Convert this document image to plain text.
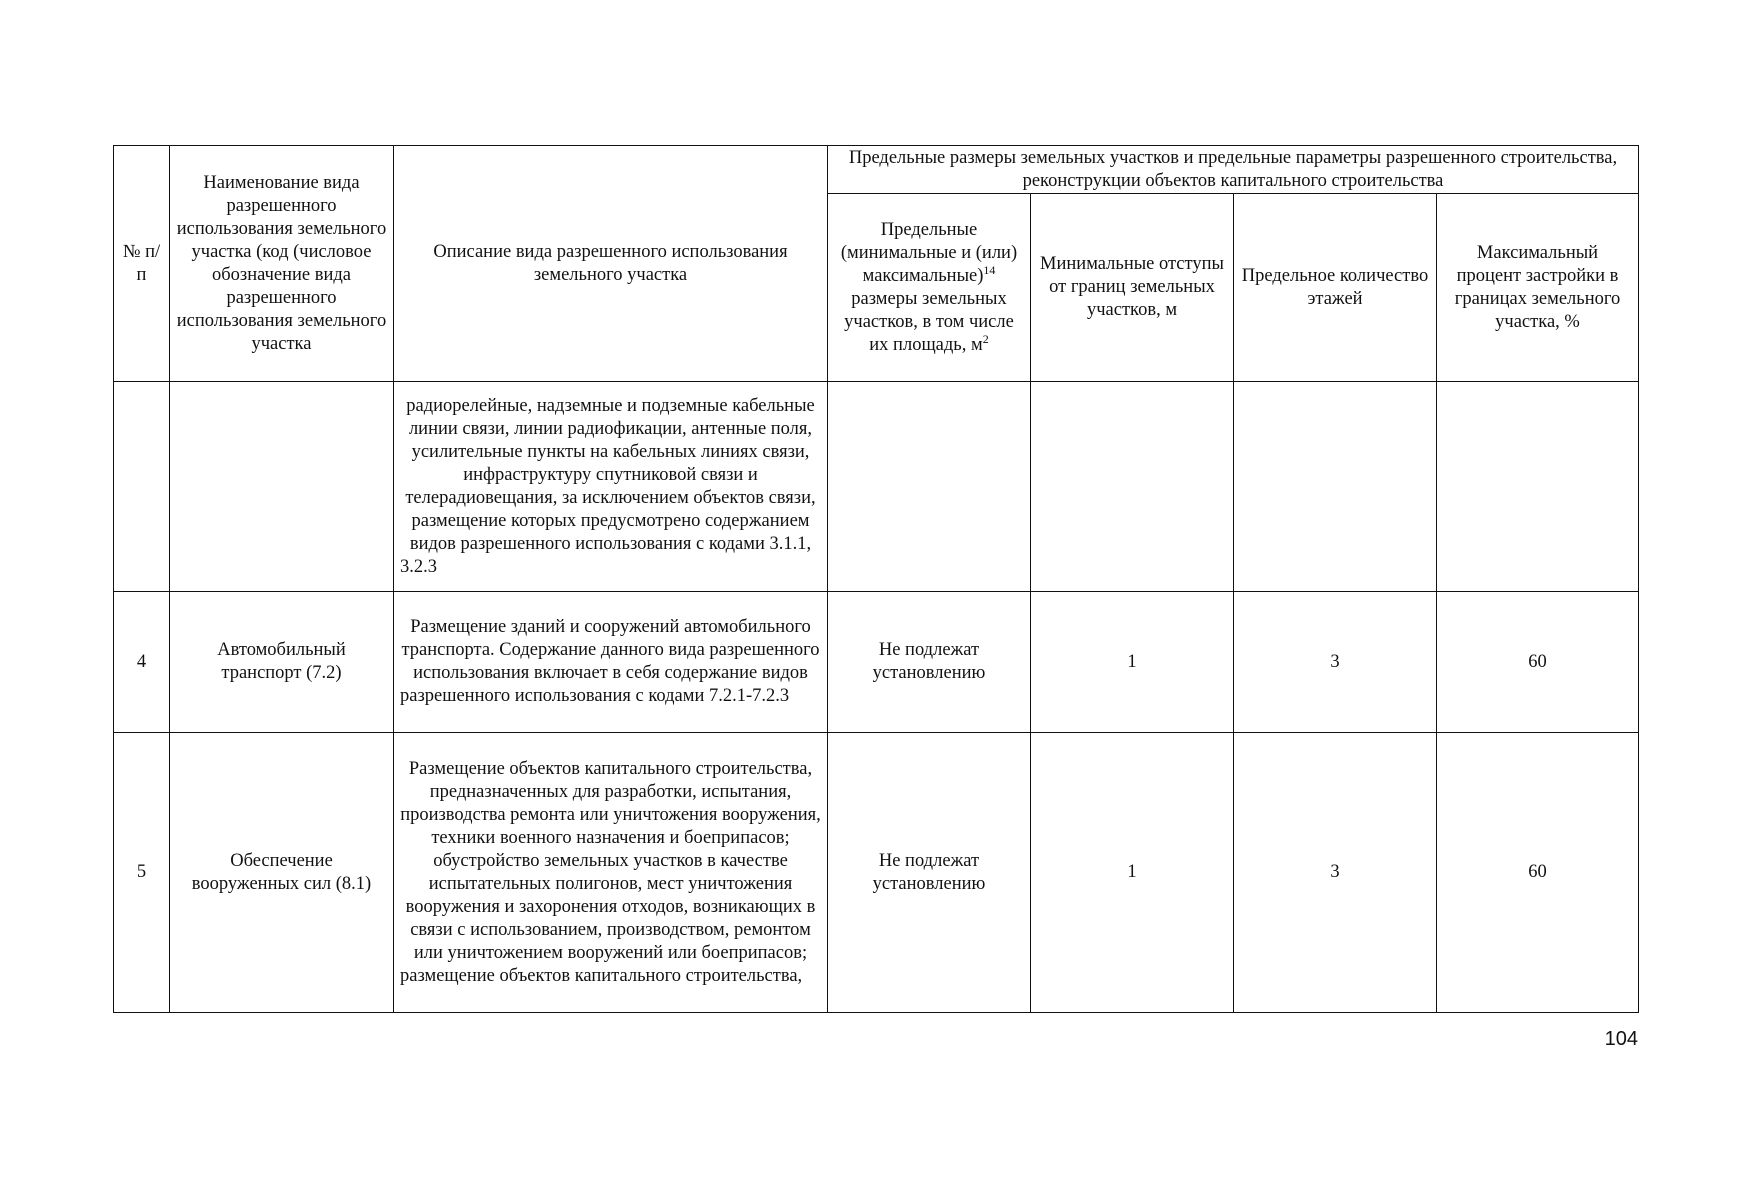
№ п/п	Наименование вида разрешенного использования земельного участка (код (числовое обозначение вида разрешенного использования земельного участка	Описание вида разрешенного использования земельного участка	Предельные размеры земельных участков и предельные параметры разрешенного строительства, реконструкции объектов капитального строительства			
			Предельные (минимальные и (или) максимальные)$^{14}$ размеры земельных участков, в том числе их площадь, $м^2$	Минимальные отступы от границ земельных участков, м	Предельное количество этажей	Максимальный процент застройки в границах земельного участка, %
		радиорелейные, надземные и подземные кабельные линии связи, линии радиофикации, антенные поля, усилительные пункты на кабельных линиях связи, инфраструктуру спутниковой связи и телерадиовещания, за исключением объектов связи, размещение которых предусмотрено содержанием видов разрешенного использования с кодами 3.1.1, 3.2.3				
4	Автомобильный транспорт (7.2)	Размещение зданий и сооружений автомобильного транспорта. Содержание данного вида разрешенного использования включает в себя содержание видов разрешенного использования с кодами 7.2.1-7.2.3	Не подлежат установлению	1	3	60
5	Обеспечение вооруженных сил (8.1)	Размещение объектов капитального строительства, предназначенных для разработки, испытания, производства ремонта или уничтожения вооружения, техники военного назначения и боеприпасов; обустройство земельных участков в качестве испытательных полигонов, мест уничтожения вооружения и захоронения отходов, возникающих в связи с использованием, производством, ремонтом или уничтожением вооружений или боеприпасов; размещение объектов капитального строительства,	Не подлежат установлению	1	3	60
104
